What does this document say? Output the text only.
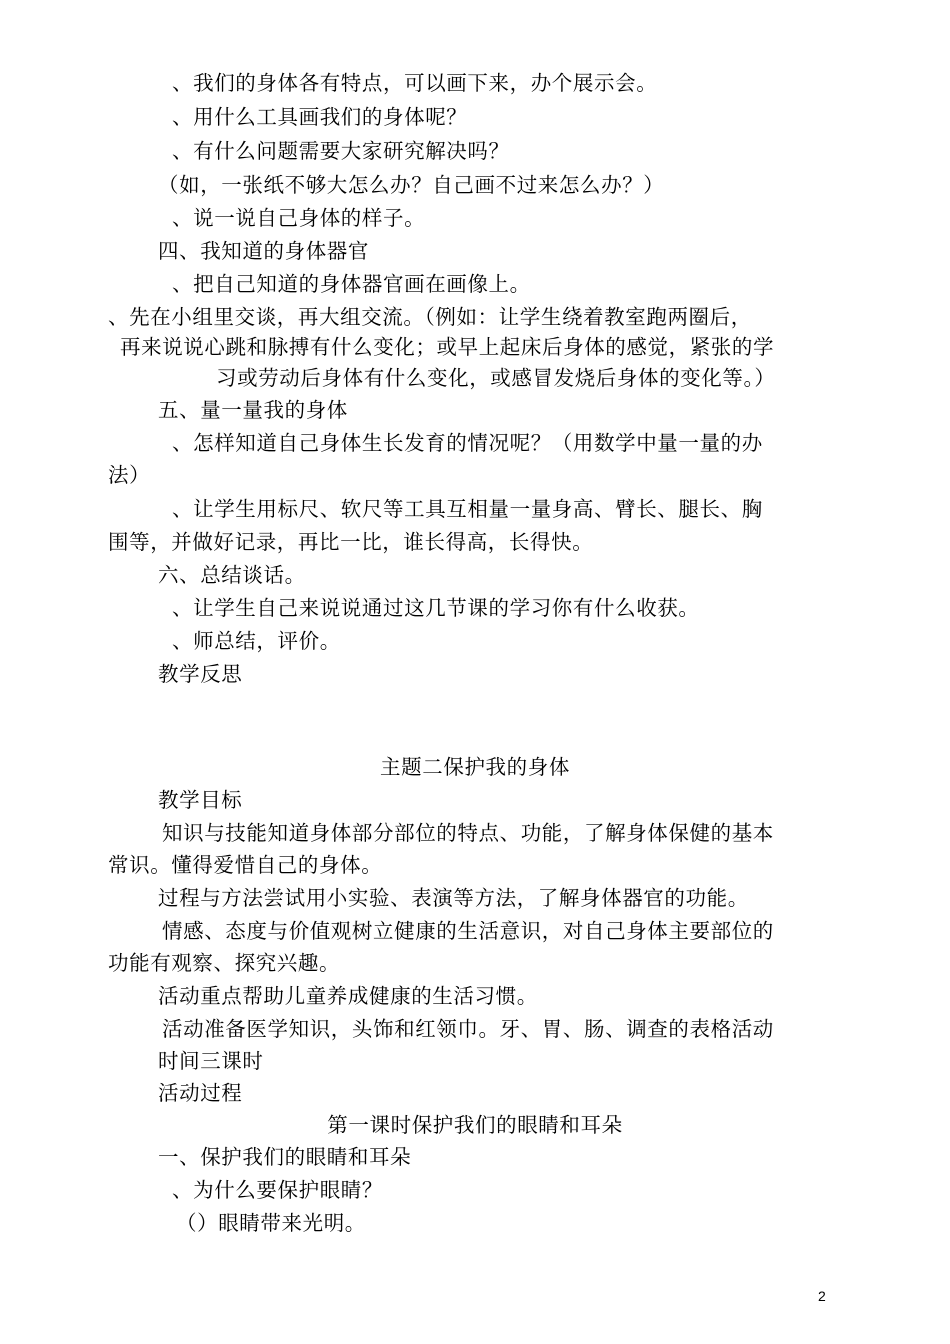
、我们的身体各有特点，可以画下来，办个展示会。
、用什么工具画我们的身体呢？
、有什么问题需要大家研究解决吗？
（如，一张纸不够大怎么办？自己画不过来怎么办？）
、说一说自己身体的样子。
四、我知道的身体器官
、把自己知道的身体器官画在画像上。
、先在小组里交谈，再大组交流。（例如：让学生绕着教室跑两圈后，
再来说说心跳和脉搏有什么变化；或早上起床后身体的感觉，紧张的学
习或劳动后身体有什么变化，或感冒发烧后身体的变化等。）
五、量一量我的身体
、怎样知道自己身体生长发育的情况呢？（用数学中量一量的办
法）
、让学生用标尺、软尺等工具互相量一量身高、臂长、腿长、胸
围等，并做好记录，再比一比，谁长得高，长得快。
六、总结谈话。
、让学生自己来说说通过这几节课的学习你有什么收获。
、师总结，评价。
教学反思
主题二保护我的身体
教学目标
知识与技能知道身体部分部位的特点、功能，了解身体保健的基本
常识。懂得爱惜自己的身体。
过程与方法尝试用小实验、表演等方法，了解身体器官的功能。
情感、态度与价值观树立健康的生活意识，对自己身体主要部位的
功能有观察、探究兴趣。
活动重点帮助儿童养成健康的生活习惯。
活动准备医学知识，头饰和红领巾。牙、胃、肠、调查的表格活动
时间三课时
活动过程
第一课时保护我们的眼睛和耳朵
一、保护我们的眼睛和耳朵
、为什么要保护眼睛？
（）眼睛带来光明。
2
